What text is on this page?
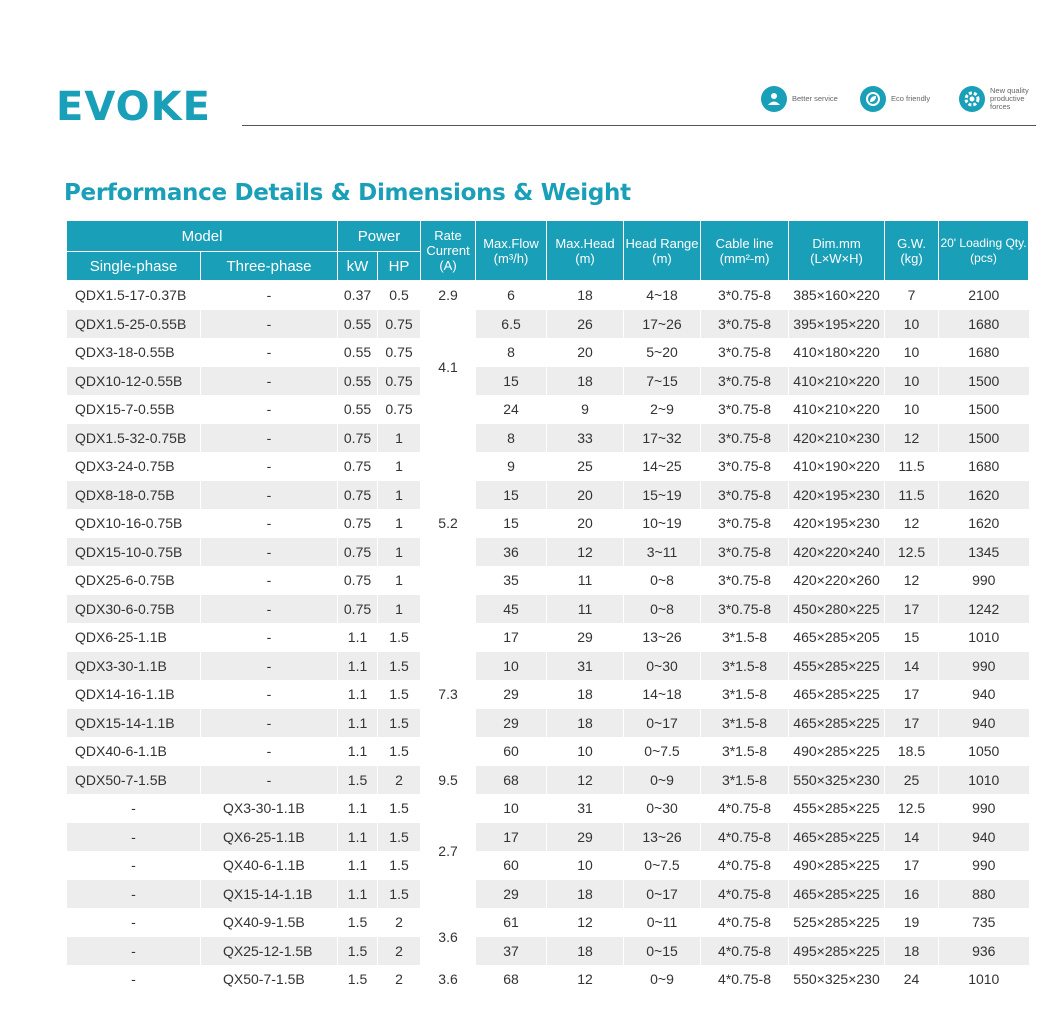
EVOKE	Better service	Eco friendly
New quality productive forces
Performance Details & Dimensions & Weight
Model		Power		Rate Current (A)	Max.Flow (m³/h)	Max.Head (m)	Head Range (m)	Cable line (mm²-m)	Dim.mm (L×W×H)	G.W. (kg)	20' Loading Qty. (pcs)
Single-phase	Three-phase	kW	HP								
QDX1.5-17-0.37B	-	0.37	0.5	2.9	6	18	4~18	3*0.75-8	385×160×220	7	2100
QDX1.5-25-0.55B	-	0.55	0.75	4.1	6.5	26	17~26	3*0.75-8	395×195×220	10	1680
QDX3-18-0.55B	-	0.55	0.75		8	20	5~20	3*0.75-8	410×180×220	10	1680
QDX10-12-0.55B	-	0.55	0.75		15	18	7~15	3*0.75-8	410×210×220	10	1500
QDX15-7-0.55B	-	0.55	0.75		24	9	2~9	3*0.75-8	410×210×220	10	1500
QDX1.5-32-0.75B	-	0.75	1	5.2	8	33	17~32	3*0.75-8	420×210×230	12	1500
QDX3-24-0.75B	-	0.75	1		9	25	14~25	3*0.75-8	410×190×220	11.5	1680
QDX8-18-0.75B	-	0.75	1		15	20	15~19	3*0.75-8	420×195×230	11.5	1620
QDX10-16-0.75B	-	0.75	1		15	20	10~19	3*0.75-8	420×195×230	12	1620
QDX15-10-0.75B	-	0.75	1		36	12	3~11	3*0.75-8	420×220×240	12.5	1345
QDX25-6-0.75B	-	0.75	1		35	11	0~8	3*0.75-8	420×220×260	12	990
QDX30-6-0.75B	-	0.75	1		45	11	0~8	3*0.75-8	450×280×225	17	1242
QDX6-25-1.1B	-	1.1	1.5	7.3	17	29	13~26	3*1.5-8	465×285×205	15	1010
QDX3-30-1.1B	-	1.1	1.5		10	31	0~30	3*1.5-8	455×285×225	14	990
QDX14-16-1.1B	-	1.1	1.5		29	18	14~18	3*1.5-8	465×285×225	17	940
QDX15-14-1.1B	-	1.1	1.5		29	18	0~17	3*1.5-8	465×285×225	17	940
QDX40-6-1.1B	-	1.1	1.5		60	10	0~7.5	3*1.5-8	490×285×225	18.5	1050
QDX50-7-1.5B	-	1.5	2	9.5	68	12	0~9	3*1.5-8	550×325×230	25	1010
-	QX3-30-1.1B	1.1	1.5	2.7	10	31	0~30	4*0.75-8	455×285×225	12.5	990
-	QX6-25-1.1B	1.1	1.5		17	29	13~26	4*0.75-8	465×285×225	14	940
-	QX40-6-1.1B	1.1	1.5		60	10	0~7.5	4*0.75-8	490×285×225	17	990
-	QX15-14-1.1B	1.1	1.5		29	18	0~17	4*0.75-8	465×285×225	16	880
-	QX40-9-1.5B	1.5	2	3.6	61	12	0~11	4*0.75-8	525×285×225	19	735
-	QX25-12-1.5B	1.5	2		37	18	0~15	4*0.75-8	495×285×225	18	936
-	QX50-7-1.5B	1.5	2	3.6	68	12	0~9	4*0.75-8	550×325×230	24	1010
